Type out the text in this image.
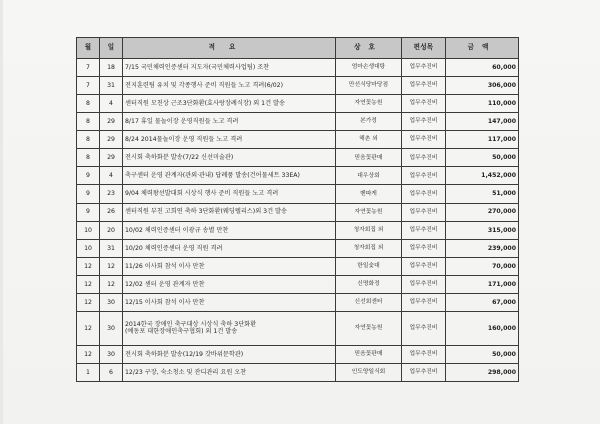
월	일	적요	상호	편성목	금액
7	18	7/15 국민체력인증센터 지도자(국민체력사업팀) 조찬	엄마손생대탕	업무추진비	60,000
7	31	전지훈련팀 유치 및 각종행사 준비 직원들 노고 격려(6/02)	만선식당마당점	업무추진비	306,000
8	4	센터직원 모친상 근조3단화환(효사랑장례식장) 외 1건 발송	자연꽃농원	업무추진비	110,000
8	29	8/17 휴일 물놀이장 운영직원들 노고 격려	본가정	업무추진비	147,000
8	29	8/24 2014물놀이장 운영 직원들 노고 격려	해촌 외	업무추진비	117,000
8	29	전시회 축하화분 발송(7/22 신선미술관)	믿음꽃판매	업무추진비	50,000
9	4	축구센터 운영 관계자(관외·관내) 답례품 발송(건어물세트 33EA)	대우상회	업무추진비	1,452,000
9	23	9/04 체력왕선발대회 시상식 행사 준비 직원들 노고 격려	벤따게	업무추진비	51,000
9	26	센터직원 부친 고희연 축하 3단화환(웨딩텔리스)외 3건 발송	자연꽃농원	업무추진비	270,000
10	20	10/02 체력인증센터 이광규 송별 만찬	청자회집 외	업무추진비	315,000
10	31	10/20 체력인증센터 운영 직원 격려	청자회집 외	업무추진비	239,000
12	12	11/26 이사회 참석 이사 만찬	한일숯대	업무추진비	70,000
12	12	12/02 센터 운영 관계자 만찬	신명화정	업무추진비	171,000
12	30	12/15 이사회 참석 이사 만찬	신선회센터	업무추진비	67,000
12	30	2014한국 장애인 축구대상 시상식 축하 3단화환
(예동포 대한장애인축구협회) 외 1건 발송	자연꽃농원	업무추진비	160,000
12	30	전시회 축하화분 발송(12/19 갓바위문학관)	믿음꽃판매	업무추진비	50,000
1	6	12/23 구장, 숙소청소 및 잔디관리 요원 오찬	인도양일식회	업무추진비	298,000
